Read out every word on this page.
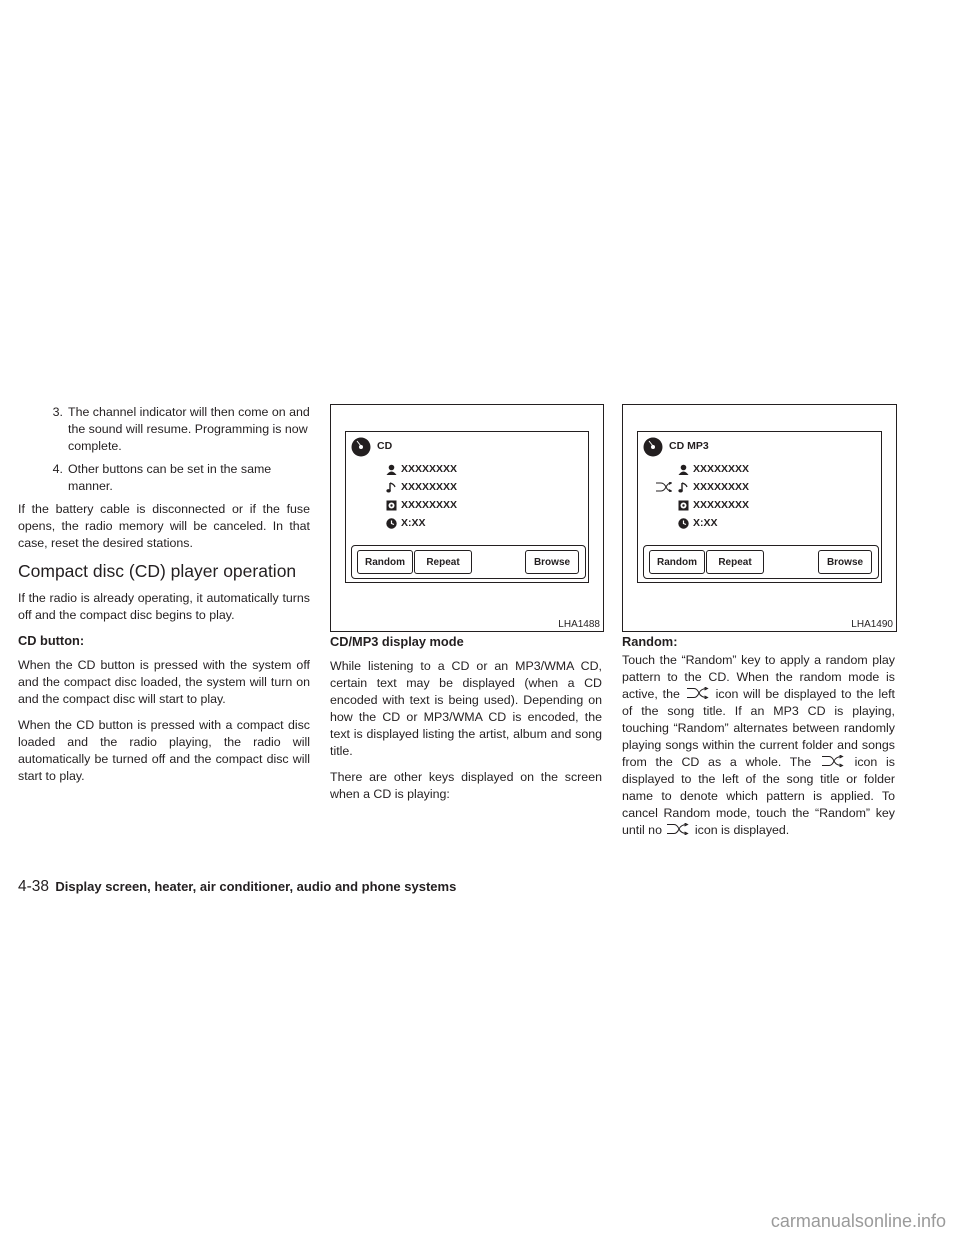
3. The channel indicator will then come on and the sound will resume. Programming is now complete.
4. Other buttons can be set in the same manner.

If the battery cable is disconnected or if the fuse opens, the radio memory will be canceled. In that case, reset the desired stations.

Compact disc (CD) player operation

If the radio is already operating, it automatically turns off and the compact disc begins to play.

CD button:

When the CD button is pressed with the system off and the compact disc loaded, the system will turn on and the compact disc will start to play.

When the CD button is pressed with a compact disc loaded and the radio playing, the radio will automatically be turned off and the compact disc will start to play.

CD
XXXXXXXX
XXXXXXXX
XXXXXXXX
X:XX
Random	Repeat	Browse
LHA1488
CD MP3
XXXXXXXX
XXXXXXXX
XXXXXXXX
X:XX
Random	Repeat	Browse
LHA1490
CD/MP3 display mode

While listening to a CD or an MP3/WMA CD, certain text may be displayed (when a CD encoded with text is being used). Depending on how the CD or MP3/WMA CD is encoded, the text is displayed listing the artist, album and song title.

There are other keys displayed on the screen when a CD is playing:

Random:

Touch the “Random” key to apply a random play pattern to the CD. When the random mode is active, the	icon will be displayed to the left of the song title. If an MP3 CD is playing, touching “Random” alternates between randomly playing songs within the current folder and songs from the CD as a whole. The	icon is displayed to the left of the song title or folder name to denote which pattern is applied. To cancel Random mode, touch the “Random” key until no	icon is displayed.

4-38 Display screen, heater, air conditioner, audio and phone systems
carmanualsonline.info
